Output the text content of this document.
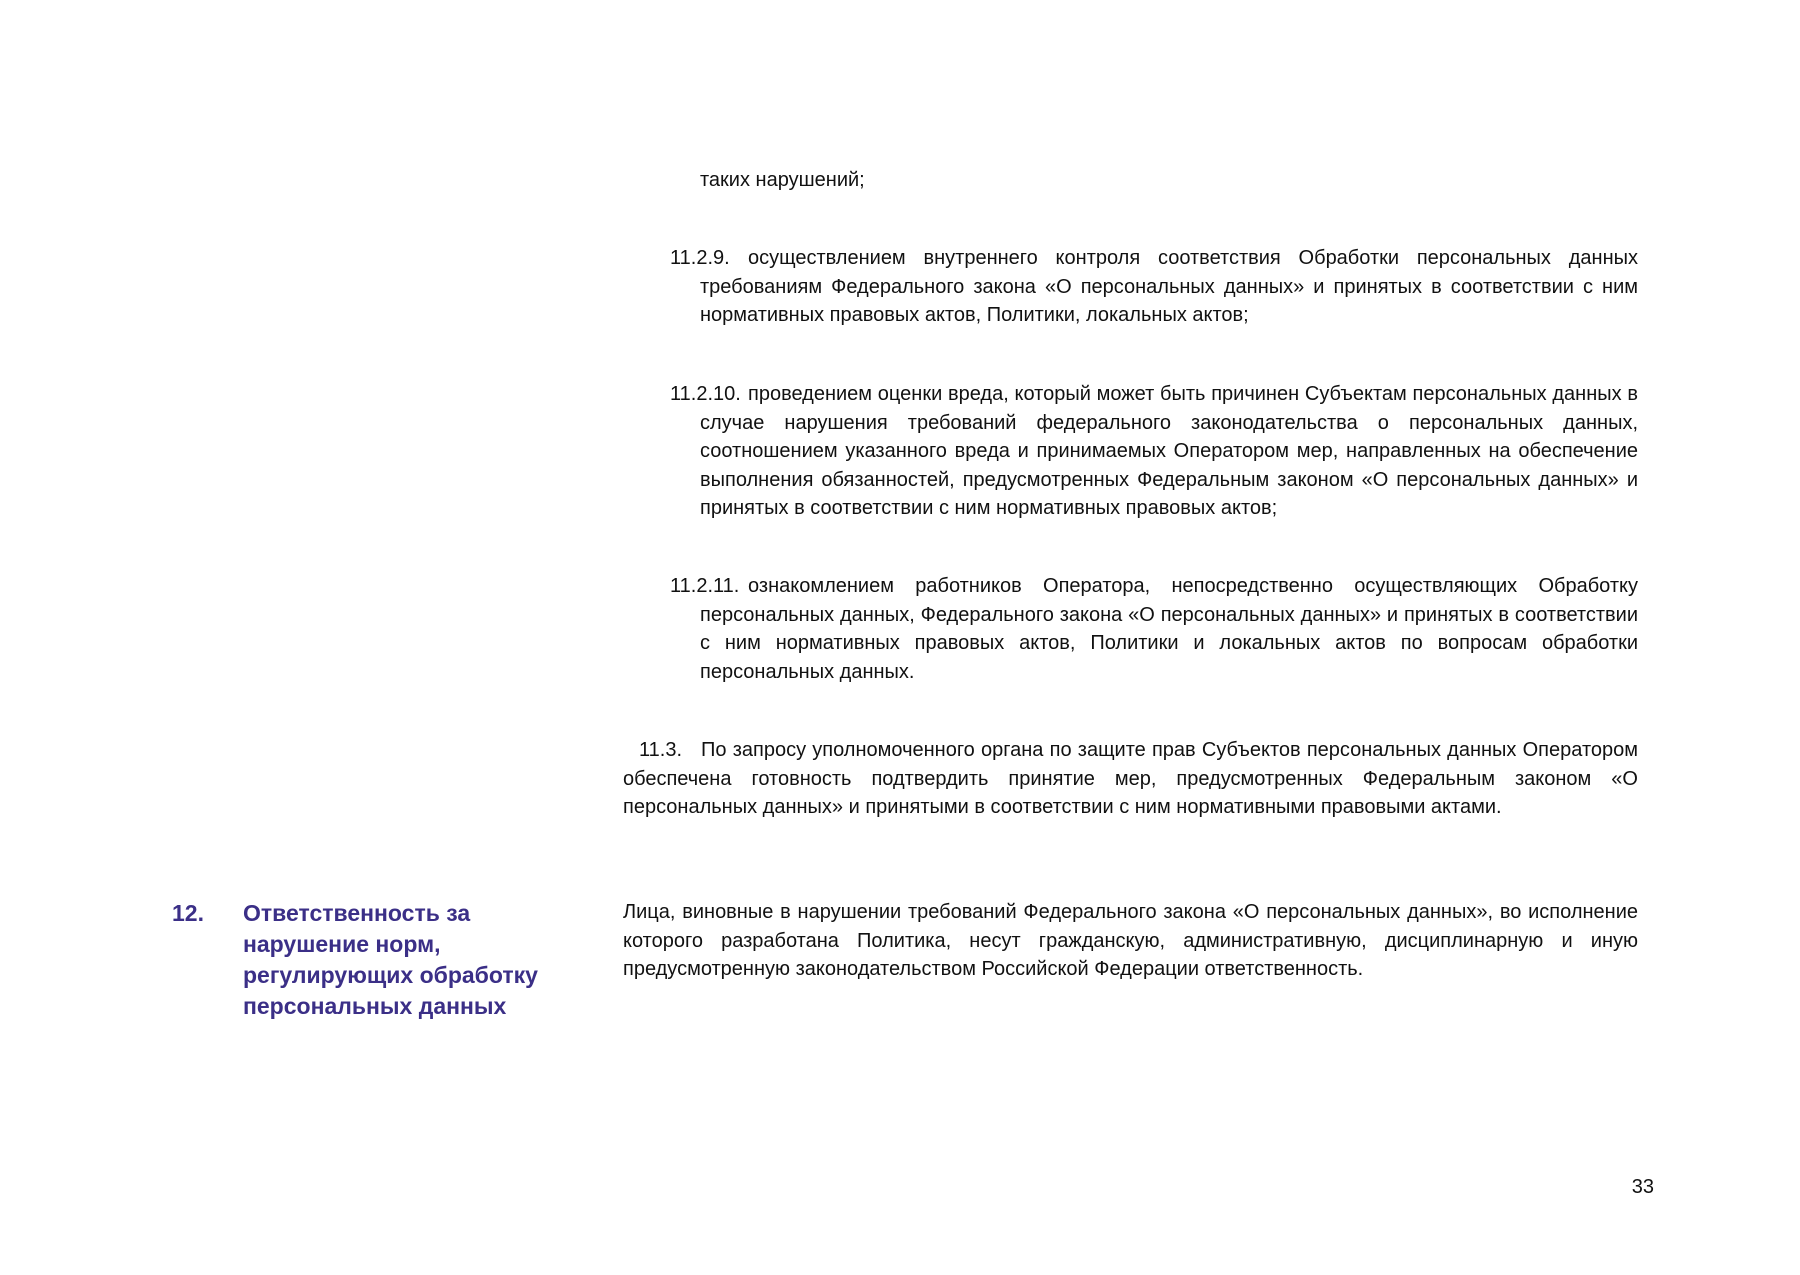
таких нарушений;
11.2.9. осуществлением внутреннего контроля соответствия Обработки персональных данных требованиям Федерального закона «О персональных данных» и принятых в соответствии с ним нормативных правовых актов, Политики, локальных актов;
11.2.10. проведением оценки вреда, который может быть причинен Субъектам персональных данных в случае нарушения требований федерального законодательства о персональных данных, соотношением указанного вреда и принимаемых Оператором мер, направленных на обеспечение выполнения обязанностей, предусмотренных Федеральным законом «О персональных данных» и принятых в соответствии с ним нормативных правовых актов;
11.2.11. ознакомлением работников Оператора, непосредственно осуществляющих Обработку персональных данных, Федерального закона «О персональных данных» и принятых в соответствии с ним нормативных правовых актов, Политики и локальных актов по вопросам обработки персональных данных.
11.3. По запросу уполномоченного органа по защите прав Субъектов персональных данных Оператором обеспечена готовность подтвердить принятие мер, предусмотренных Федеральным законом «О персональных данных» и принятыми в соответствии с ним нормативными правовыми актами.
12. Ответственность за нарушение норм, регулирующих обработку персональных данных
Лица, виновные в нарушении требований Федерального закона «О персональных данных», во исполнение которого разработана Политика, несут гражданскую, административную, дисциплинарную и иную предусмотренную законодательством Российской Федерации ответственность.
33
